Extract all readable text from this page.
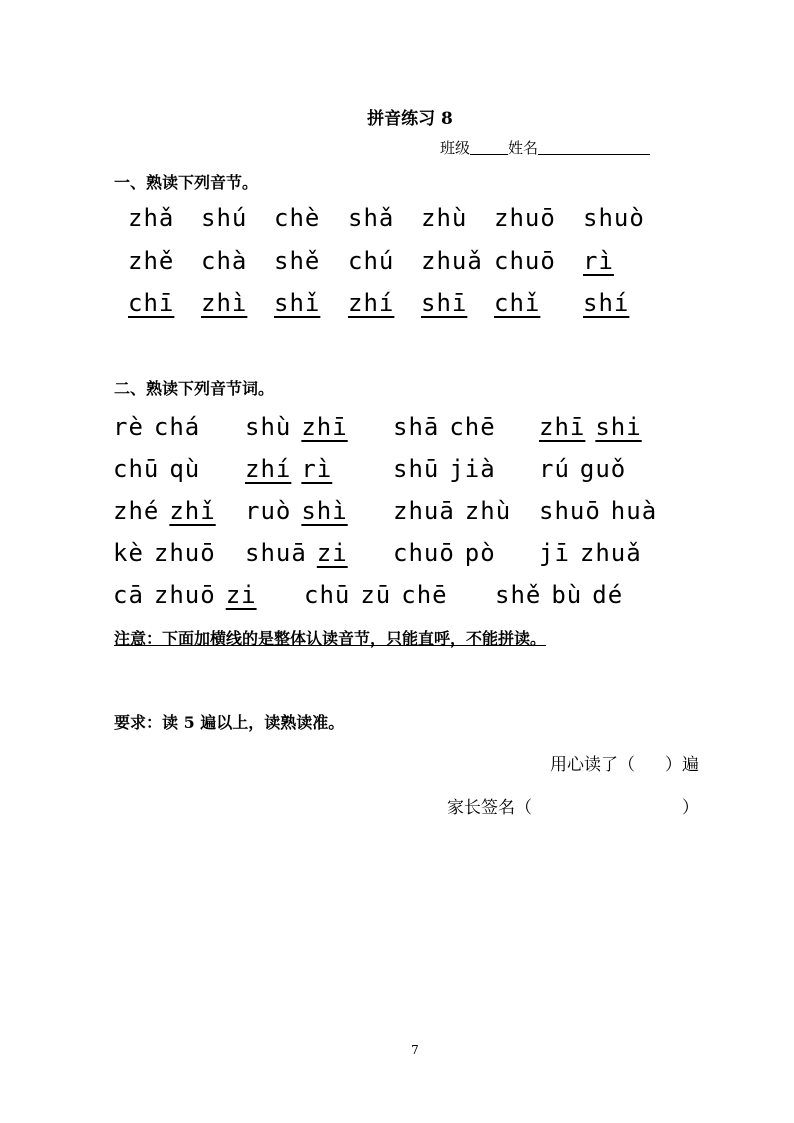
拼音练习 8
班级	姓名
一、熟读下列音节。
zhǎ shú chè shǎ zhù zhuō shuò
zhě chà shě chú zhuǎ chuō rì
chī zhì shǐ zhí shī chǐ shí
二、熟读下列音节词。
rè chá	shù zhī	shā chē	zhī shi
chū qù	zhí rì	shū jià	rú guǒ
zhé zhǐ	ruò shì	zhuā zhù	shuō huà
kè zhuō	shuā zi	chuō pò	jī zhuǎ
cā zhuō zi	chū zū chē	shě bù dé
注意：下面加横线的是整体认读音节，只能直呼，不能拼读。
要求：读 5 遍以上，读熟读准。
用心读了（ ）遍
家长签名（	）
7
